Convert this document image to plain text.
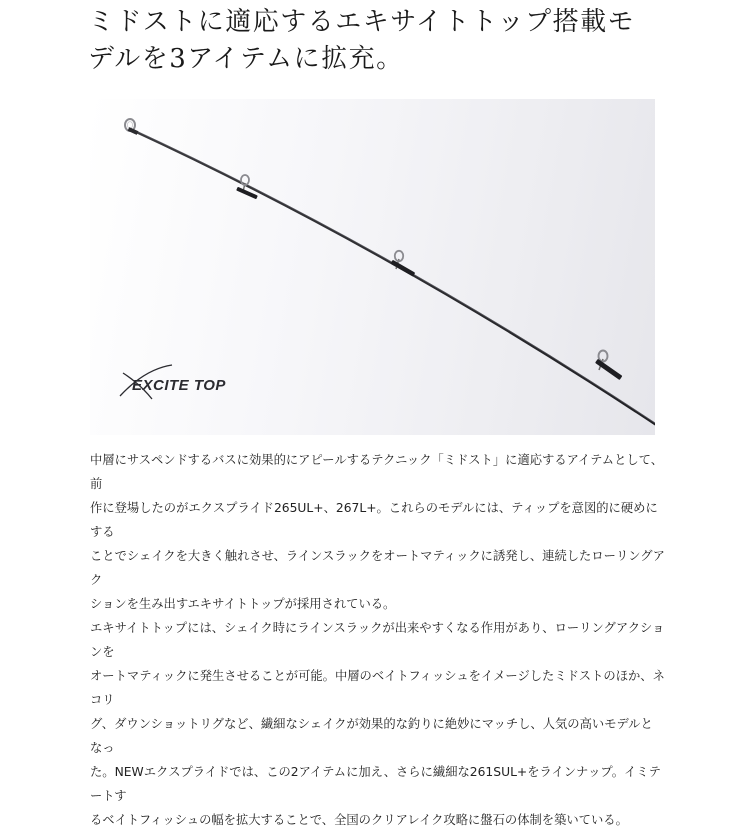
ミドストに適応するエキサイトトップ搭載モ
デルを3アイテムに拡充。
EXCITE TOP

中層にサスペンドするバスに効果的にアピールするテクニック「ミドスト」に適応するアイテムとして、前
作に登場したのがエクスプライド265UL+、267L+。これらのモデルには、ティップを意図的に硬めにする
ことでシェイクを大きく触れさせ、ラインスラックをオートマティックに誘発し、連続したローリングアク
ションを生み出すエキサイトトップが採用されている。

エキサイトトップには、シェイク時にラインスラックが出来やすくなる作用があり、ローリングアクションを
オートマティックに発生させることが可能。中層のベイトフィッシュをイメージしたミドストのほか、ネコリ
グ、ダウンショットリグなど、繊細なシェイクが効果的な釣りに絶妙にマッチし、人気の高いモデルとなっ
た。NEWエクスプライドでは、この2アイテムに加え、さらに繊細な261SUL+をラインナップ。イミテートす
るベイトフィッシュの幅を拡大することで、全国のクリアレイク攻略に盤石の体制を築いている。
